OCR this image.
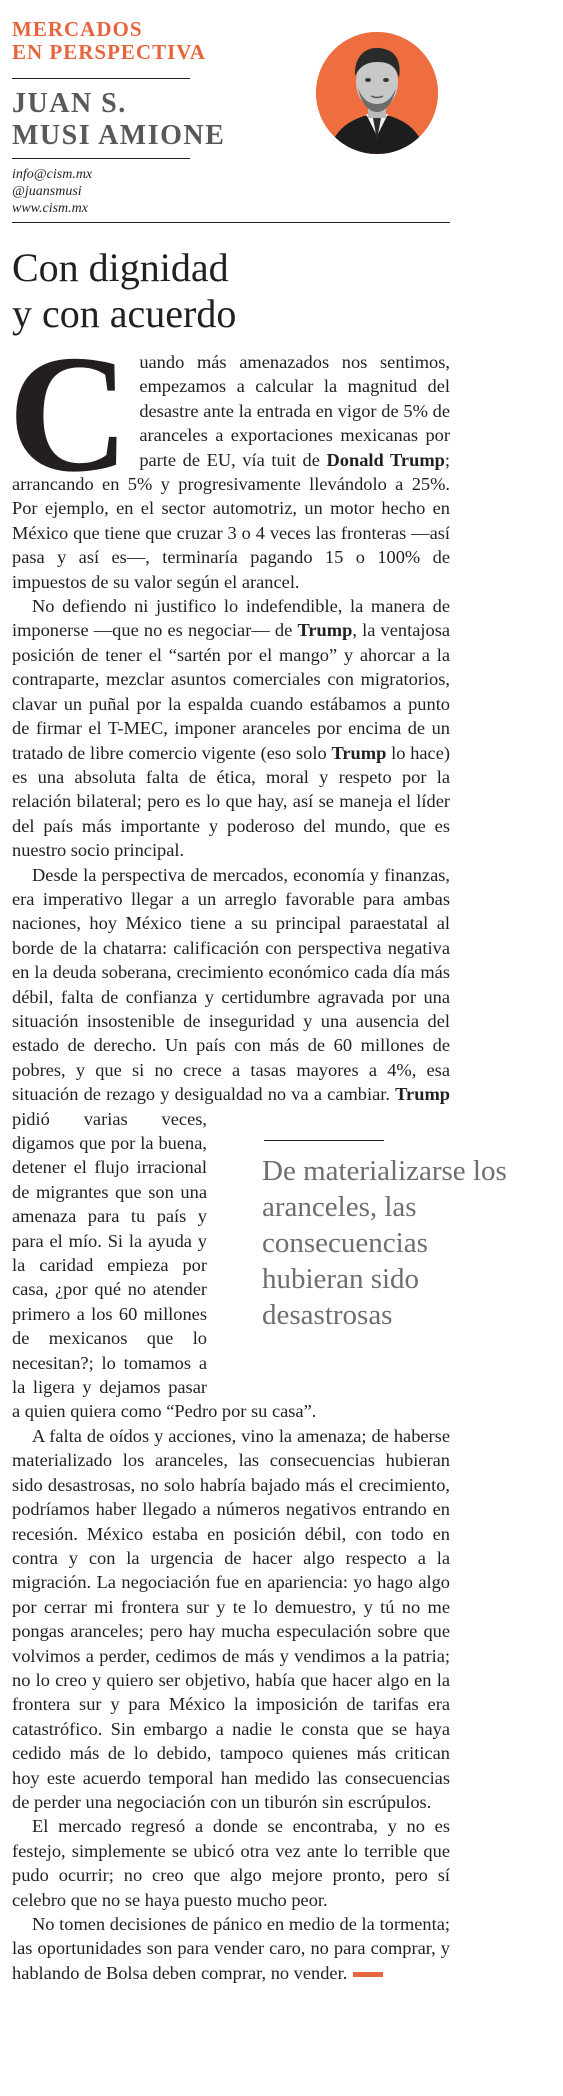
MERCADOS
EN PERSPECTIVA
JUAN S.
MUSI AMIONE
info@cism.mx
@juansmusi
www.cism.mx
Con dignidad
y con acuerdo

Cuando más amenazados nos sentimos, empezamos a calcular la magnitud del desastre ante la entrada en vigor de 5% de aranceles a exportaciones mexicanas por parte de EU, vía tuit de Donald Trump; arrancando en 5% y progresivamente llevándolo a 25%. Por ejemplo, en el sector automotriz, un motor hecho en México que tiene que cruzar 3 o 4 veces las fronteras —así pasa y así es—, terminaría pagando 15 o 100% de impuestos de su valor según el arancel.

No defiendo ni justifico lo indefendible, la manera de imponerse —que no es negociar— de Trump, la ventajosa posición de tener el “sartén por el mango” y ahorcar a la contraparte, mezclar asuntos comerciales con migratorios, clavar un puñal por la espalda cuando estábamos a punto de firmar el T-MEC, imponer aranceles por encima de un tratado de libre comercio vigente (eso solo Trump lo hace) es una absoluta falta de ética, moral y respeto por la relación bilateral; pero es lo que hay, así se maneja el líder del país más importante y poderoso del mundo, que es nuestro socio principal.

Desde la perspectiva de mercados, economía y finanzas, era imperativo llegar a un arreglo favorable para ambas naciones, hoy México tiene a su principal paraestatal al borde de la chatarra: calificación con perspectiva negativa en la deuda soberana, crecimiento económico cada día más débil, falta de confianza y certidumbre agravada por una situación insostenible de inseguridad y una ausencia del estado de derecho. Un país con más de 60 millones de pobres, y que si no crece a tasas mayores a 4%, esa situación de rezago y desigualdad no va a cambiar.
Trump pidió varias veces, digamos que por la buena, detener el flujo irracional de migrantes que son una amenaza para tu país y para el mío. Si la ayuda y la caridad empieza por casa, ¿por qué no atender primero a los 60 millones de mexicanos que lo necesitan?; lo tomamos a la ligera y dejamos pasar a quien quiera como “Pedro por su casa”.

A falta de oídos y acciones, vino la amenaza; de haberse materializado los aranceles, las consecuencias hubieran sido desastrosas, no solo habría bajado más el crecimiento, podríamos haber llegado a números negativos entrando en recesión. México estaba en posición débil, con todo en contra y con la urgencia de hacer algo respecto a la migración. La negociación fue en apariencia: yo hago algo por cerrar mi frontera sur y te lo demuestro, y tú no me pongas aranceles; pero hay mucha especulación sobre que volvimos a perder, cedimos de más y vendimos a la patria; no lo creo y quiero ser objetivo, había que hacer algo en la frontera sur y para México la imposición de tarifas era catastrófico. Sin embargo a nadie le consta que se haya cedido más de lo debido, tampoco quienes más critican hoy este acuerdo temporal han medido las consecuencias de perder una negociación con un tiburón sin escrúpulos.

El mercado regresó a donde se encontraba, y no es festejo, simplemente se ubicó otra vez ante lo terrible que pudo ocurrir; no creo que algo mejore pronto, pero sí celebro que no se haya puesto mucho peor.

No tomen decisiones de pánico en medio de la tormenta; las oportunidades son para vender caro, no para comprar, y hablando de Bolsa deben comprar, no vender.

De materializarse los aranceles, las consecuencias hubieran sido desastrosas
